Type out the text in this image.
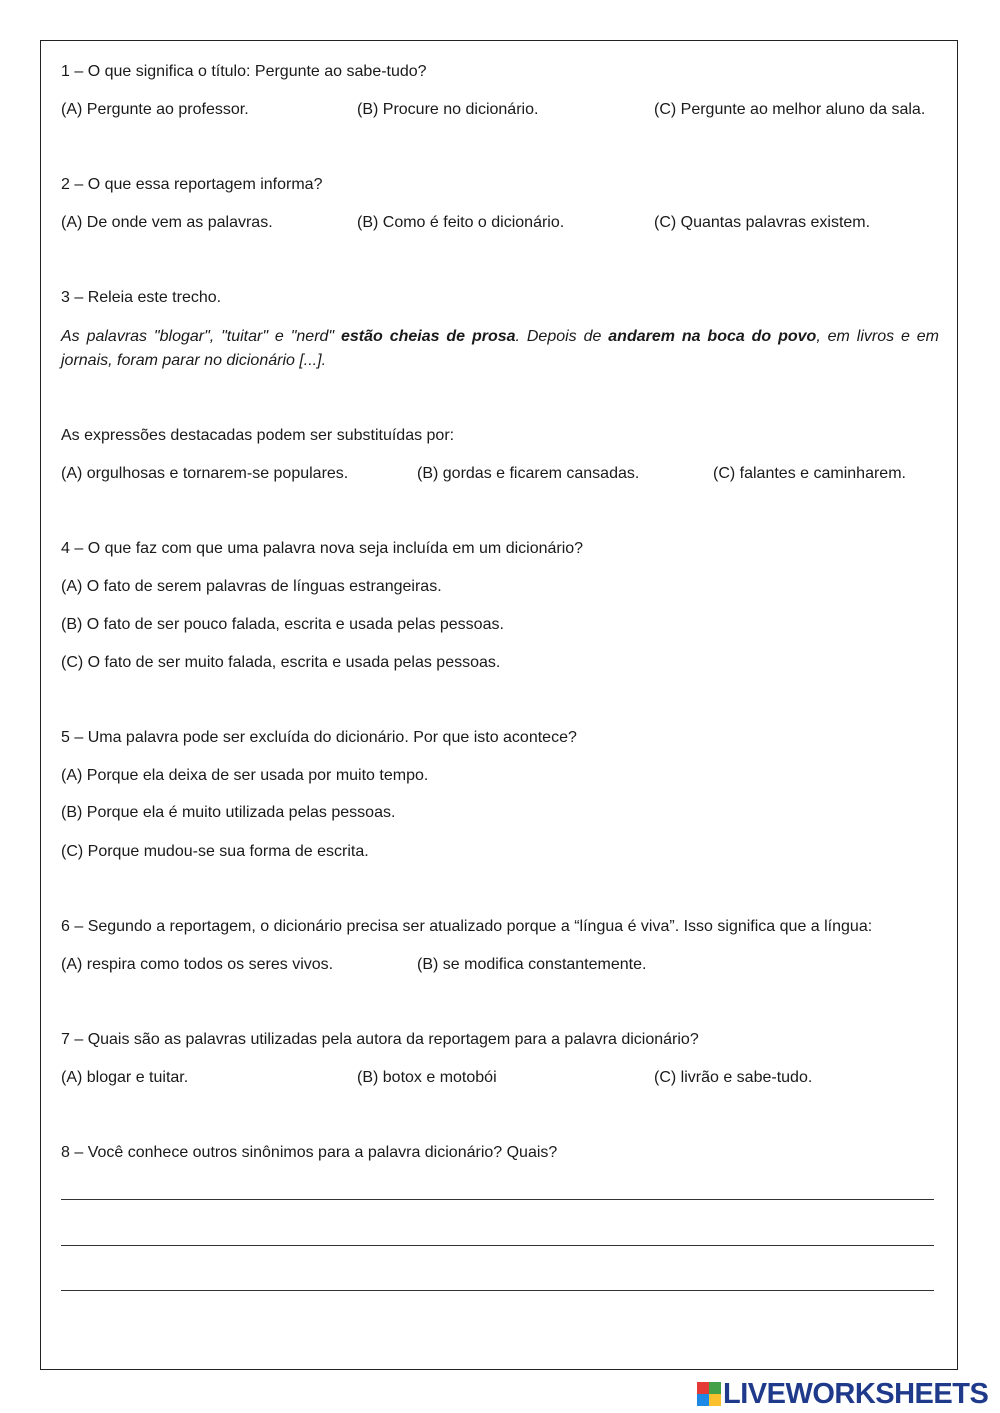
1 – O que significa o título: Pergunte ao sabe-tudo?
(A) Pergunte ao professor.	(B) Procure no dicionário.	(C) Pergunte ao melhor aluno da sala.
2 – O que essa reportagem informa?
(A) De onde vem as palavras.	(B) Como é feito o dicionário.	(C) Quantas palavras existem.
3 – Releia este trecho.
As palavras "blogar", "tuitar" e "nerd" estão cheias de prosa. Depois de andarem na boca do povo, em livros e em jornais, foram parar no dicionário [...].
As expressões destacadas podem ser substituídas por:
(A) orgulhosas e tornarem-se populares.	(B) gordas e ficarem cansadas.	(C) falantes e caminharem.
4 – O que faz com que uma palavra nova seja incluída em um dicionário?
(A) O fato de serem palavras de línguas estrangeiras.
(B) O fato de ser pouco falada, escrita e usada pelas pessoas.
(C) O fato de ser muito falada, escrita e usada pelas pessoas.
5 – Uma palavra pode ser excluída do dicionário. Por que isto acontece?
(A) Porque ela deixa de ser usada por muito tempo.
(B) Porque ela é muito utilizada pelas pessoas.
(C) Porque mudou-se sua forma de escrita.
6 – Segundo a reportagem, o dicionário precisa ser atualizado porque a “língua é viva”. Isso significa que a língua:
(A) respira como todos os seres vivos.	(B) se modifica constantemente.
7 – Quais são as palavras utilizadas pela autora da reportagem para a palavra dicionário?
(A) blogar e tuitar.	(B) botox e motobói	(C) livrão e sabe-tudo.
8 – Você conhece outros sinônimos para a palavra dicionário? Quais?
LIVEWORKSHEETS
